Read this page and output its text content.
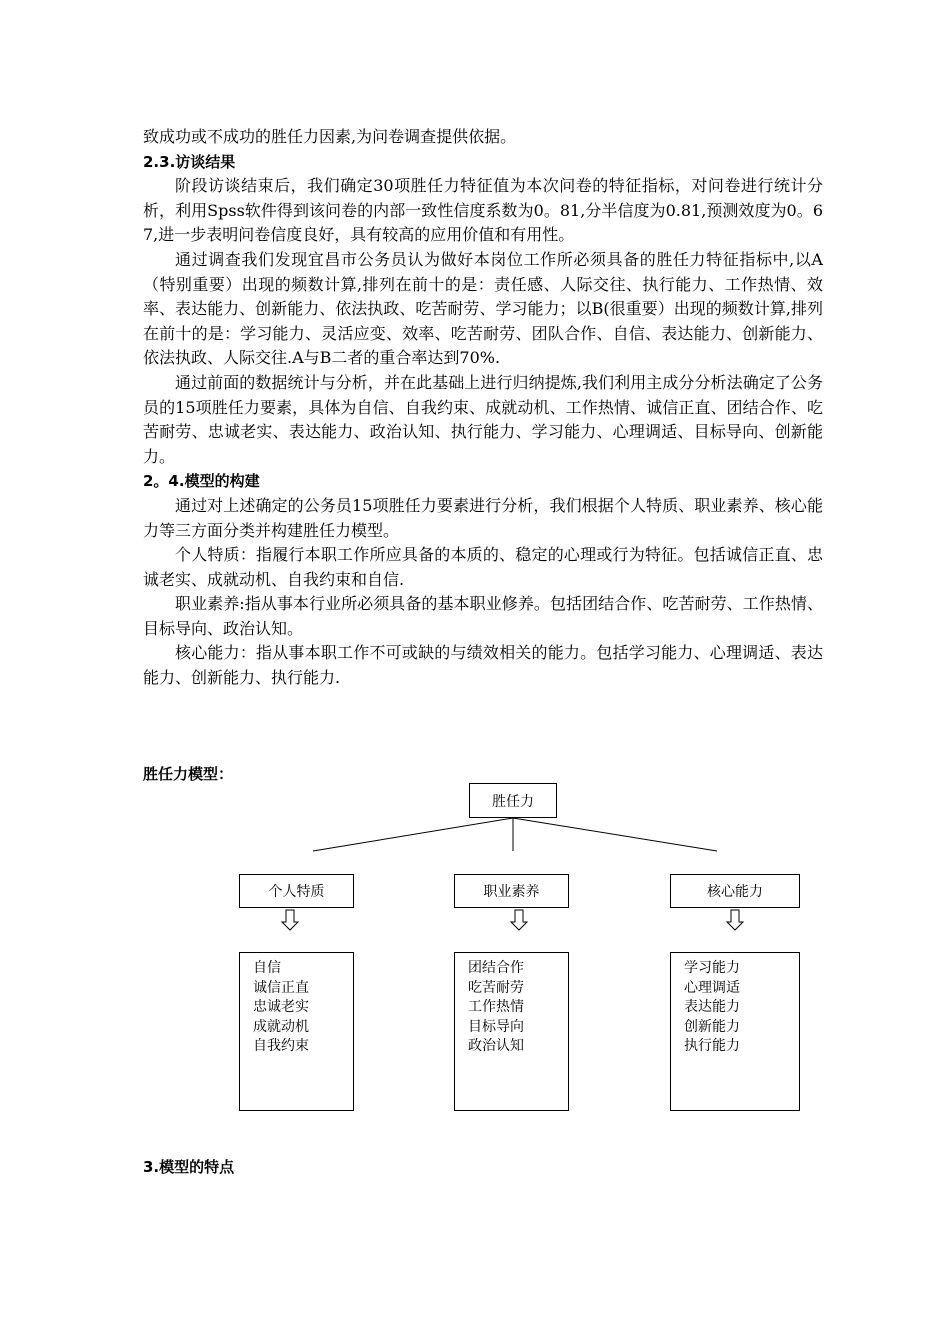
致成功或不成功的胜任力因素,为问卷调查提供依据。

2.3.访谈结果

阶段访谈结束后，我们确定30项胜任力特征值为本次问卷的特征指标，对问卷进行统计分析，利用Spss软件得到该问卷的内部一致性信度系数为0。81,分半信度为0.81,预测效度为0。67,进一步表明问卷信度良好，具有较高的应用价值和有用性。

通过调查我们发现宜昌市公务员认为做好本岗位工作所必须具备的胜任力特征指标中,以A（特别重要）出现的频数计算,排列在前十的是：责任感、人际交往、执行能力、工作热情、效率、表达能力、创新能力、依法执政、吃苦耐劳、学习能力；以B(很重要）出现的频数计算,排列在前十的是：学习能力、灵活应变、效率、吃苦耐劳、团队合作、自信、表达能力、创新能力、依法执政、人际交往.A与B二者的重合率达到70%.

通过前面的数据统计与分析，并在此基础上进行归纳提炼,我们利用主成分分析法确定了公务员的15项胜任力要素，具体为自信、自我约束、成就动机、工作热情、诚信正直、团结合作、吃苦耐劳、忠诚老实、表达能力、政治认知、执行能力、学习能力、心理调适、目标导向、创新能力。

2。4.模型的构建

通过对上述确定的公务员15项胜任力要素进行分析，我们根据个人特质、职业素养、核心能力等三方面分类并构建胜任力模型。

个人特质：指履行本职工作所应具备的本质的、稳定的心理或行为特征。包括诚信正直、忠诚老实、成就动机、自我约束和自信.

职业素养:指从事本行业所必须具备的基本职业修养。包括团结合作、吃苦耐劳、工作热情、目标导向、政治认知。

核心能力：指从事本职工作不可或缺的与绩效相关的能力。包括学习能力、心理调适、表达能力、创新能力、执行能力.

胜任力模型：

胜任力
个人特质	职业素养	核心能力
自信
诚信正直
忠诚老实
成就动机
自我约束
团结合作
吃苦耐劳
工作热情
目标导向
政治认知
学习能力
心理调适
表达能力
创新能力
执行能力

3.模型的特点
